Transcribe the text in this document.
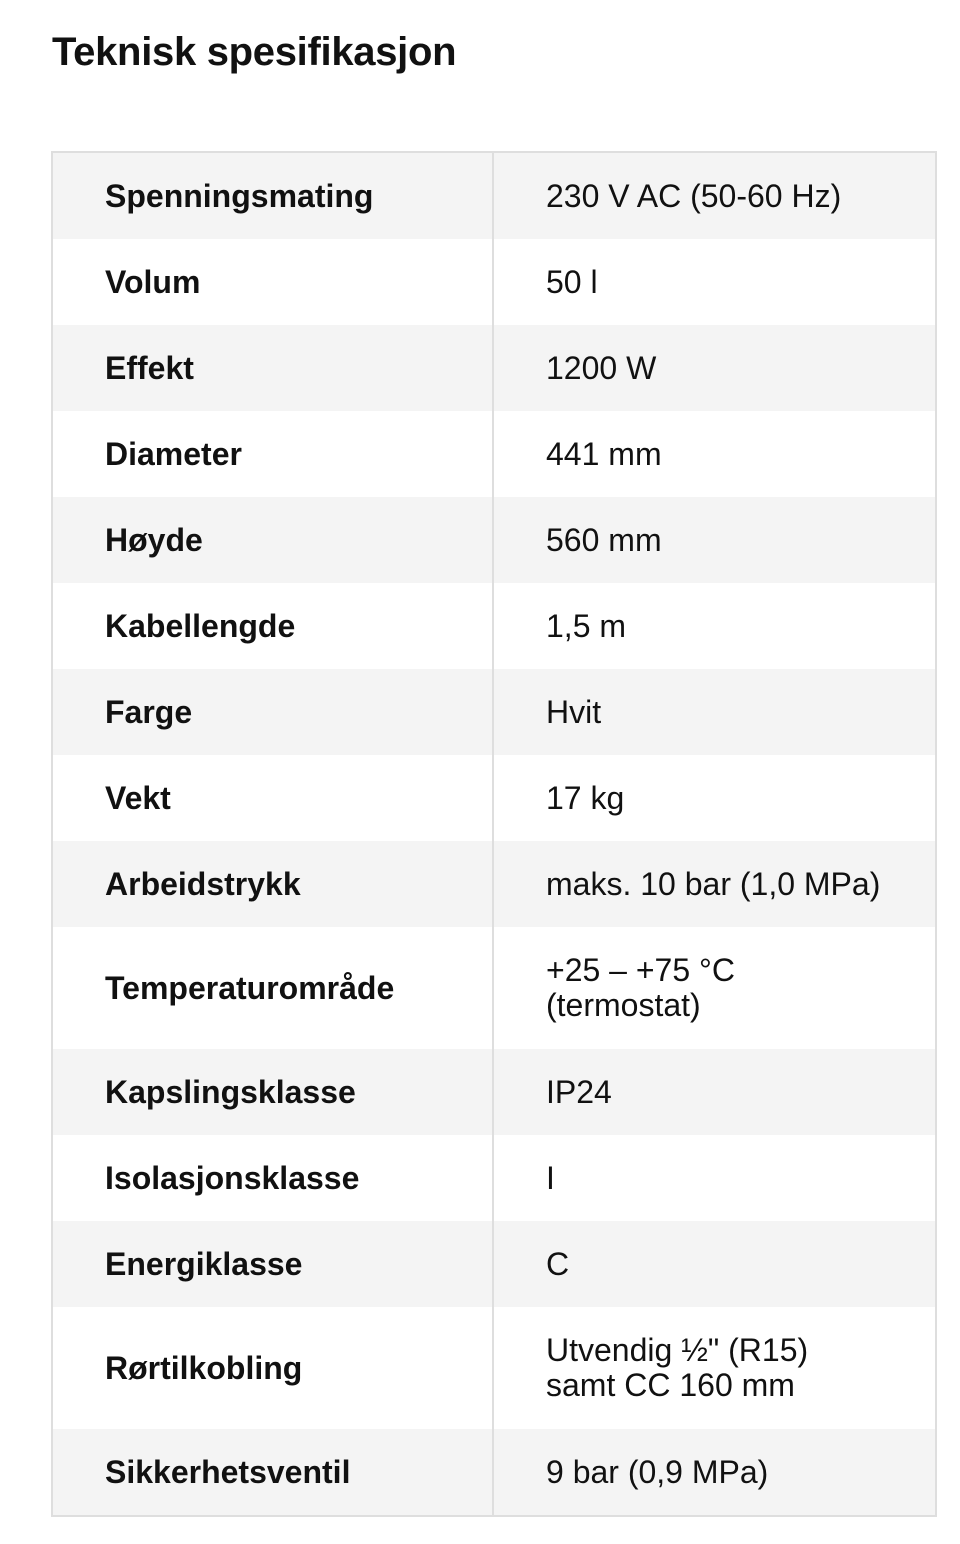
Teknisk spesifikasjon
Spenningsmating	230 V AC (50-60 Hz)
Volum	50 l
Effekt	1200 W
Diameter	441 mm
Høyde	560 mm
Kabellengde	1,5 m
Farge	Hvit
Vekt	17 kg
Arbeidstrykk	maks. 10 bar (1,0 MPa)
Temperaturområde	+25 – +75 °C
(termostat)
Kapslingsklasse	IP24
Isolasjonsklasse	I
Energiklasse	C
Rørtilkobling	Utvendig ½" (R15)
samt CC 160 mm
Sikkerhetsventil	9 bar (0,9 MPa)
